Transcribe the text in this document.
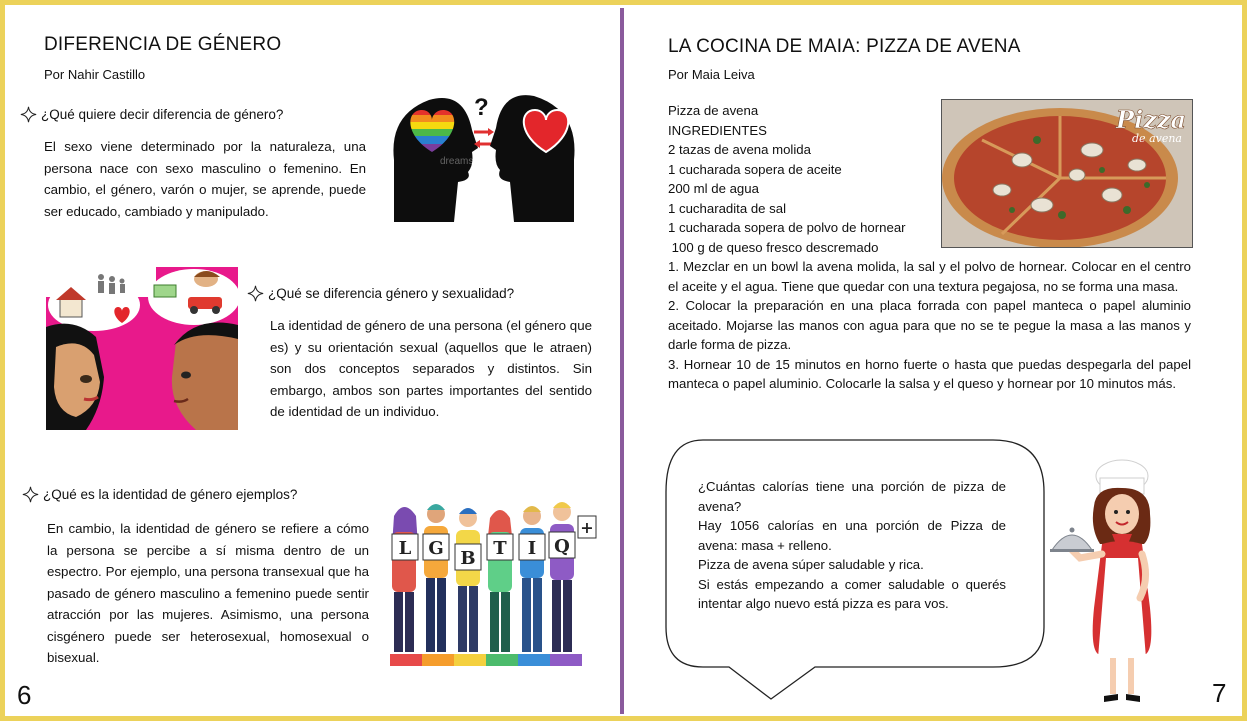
DIFERENCIA DE GÉNERO
Por Nahir Castillo
¿Qué quiere decir diferencia de género?
El sexo viene determinado por la naturaleza, una persona nace con sexo masculino o femenino. En cambio, el género, varón o mujer, se aprende, puede ser educado, cambiado y manipulado.
?
dreamstime.
¿Qué se diferencia género y sexualidad?
La identidad de género de una persona (el género que es) y su orientación sexual (aquellos que le atraen) son dos conceptos separados y distintos. Sin embargo, ambos son partes importantes del sentido de identidad de un individuo.
¿Qué es la identidad de género ejemplos?
En cambio, la identidad de género se refiere a cómo la persona se percibe a sí misma dentro de un espectro. Por ejemplo, una persona transexual que ha pasado de género masculino a femenino puede sentir atracción por las mujeres. Asimismo, una persona cisgénero puede ser heterosexual, homosexual o bisexual.
L G B T I Q
+
6
LA COCINA DE MAIA: PIZZA DE AVENA
Por Maia Leiva
Pizza de avena
INGREDIENTES
2 tazas de avena molida
1 cucharada sopera de aceite
200 ml de agua
1 cucharadita de sal
1 cucharada sopera de polvo de hornear
100 g de queso fresco descremado
Pizza
de avena
1. Mezclar en un bowl la avena molida, la sal y el polvo de hornear. Colocar en el centro el aceite y el agua. Tiene que quedar con una textura pegajosa, no se forma una masa.
2. Colocar la preparación en una placa forrada con papel manteca o papel aluminio aceitado. Mojarse las manos con agua para que no se te pegue la masa a las manos y darle forma de pizza.
3. Hornear 10 de 15 minutos en horno fuerte o hasta que puedas despegarla del papel manteca o papel aluminio. Colocarle la salsa y el queso y hornear por 10 minutos más.
¿Cuántas calorías tiene una porción de pizza de avena?
Hay 1056 calorías en una porción de Pizza de avena: masa + relleno.
Pizza de avena súper saludable y rica.
Si estás empezando a comer saludable o querés intentar algo nuevo está pizza es para vos.
7
